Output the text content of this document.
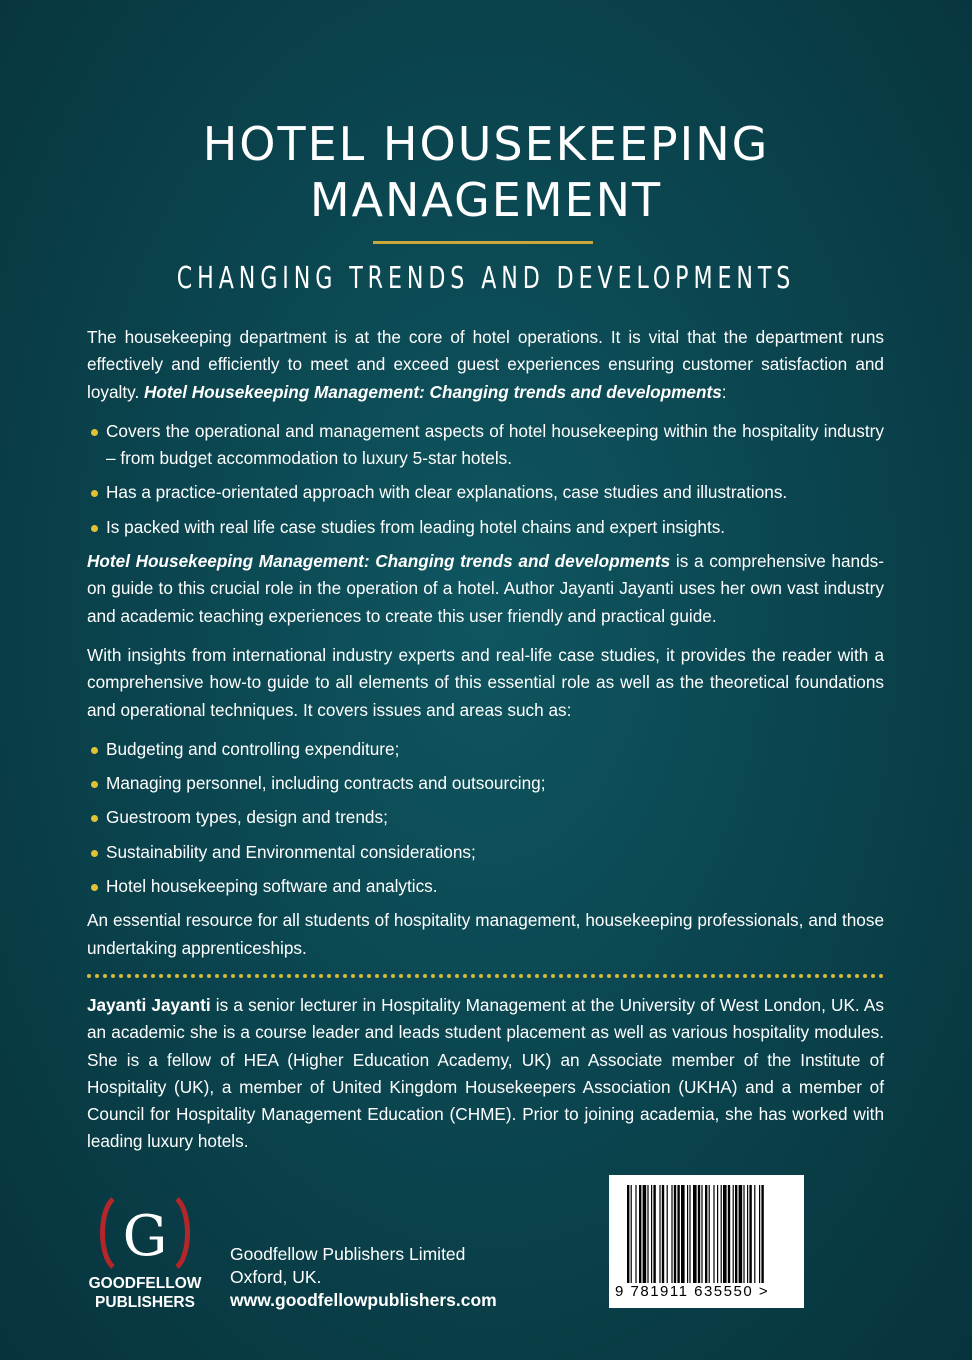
HOTEL HOUSEKEEPING
MANAGEMENT
CHANGING TRENDS AND DEVELOPMENTS

The housekeeping department is at the core of hotel operations. It is vital that the department runs effectively and efficiently to meet and exceed guest experiences ensuring customer satisfaction and loyalty. Hotel Housekeeping Management: Changing trends and developments:

Covers the operational and management aspects of hotel housekeeping within the hospitality industry – from budget accommodation to luxury 5-star hotels.
Has a practice-orientated approach with clear explanations, case studies and illustrations.
Is packed with real life case studies from leading hotel chains and expert insights.

Hotel Housekeeping Management: Changing trends and developments is a comprehensive hands-on guide to this crucial role in the operation of a hotel. Author Jayanti Jayanti uses her own vast industry and academic teaching experiences to create this user friendly and practical guide.

With insights from international industry experts and real-life case studies, it provides the reader with a comprehensive how-to guide to all elements of this essential role as well as the theoretical foundations and operational techniques. It covers issues and areas such as:

Budgeting and controlling expenditure;
Managing personnel, including contracts and outsourcing;
Guestroom types, design and trends;
Sustainability and Environmental considerations;
Hotel housekeeping software and analytics.

An essential resource for all students of hospitality management, housekeeping professionals, and those undertaking apprenticeships.

Jayanti Jayanti is a senior lecturer in Hospitality Management at the University of West London, UK. As an academic she is a course leader and leads student placement as well as various hospitality modules. She is a fellow of HEA (Higher Education Academy, UK) an Associate member of the Institute of Hospitality (UK), a member of United Kingdom Housekeepers Association (UKHA) and a member of Council for Hospitality Management Education (CHME). Prior to joining academia, she has worked with leading luxury hotels.

G
GOODFELLOW
PUBLISHERS
Goodfellow Publishers Limited
Oxford, UK.
www.goodfellowpublishers.com	9 781911 635550 >
